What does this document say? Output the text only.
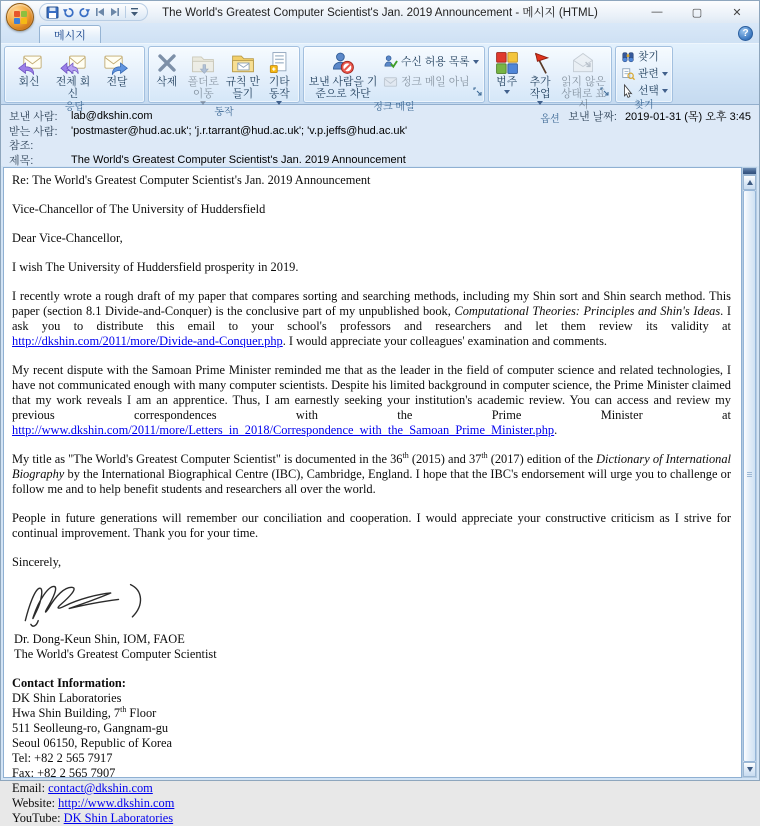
The World's Greatest Computer Scientist's Jan. 2019 Announcement - 메시지 (HTML)	—	▢	✕
메시지	?
회신	전체 회신
전달
응답
삭제 폴더로 이동
규칙 만들기
기타 동작
동작
보낸 사람을 기준으로 차단
수신 허용 목록
정크 메일 아님
정크 메일
범주	추가 작업
읽지 않은 상태로 표시
옵션
찾기
관련
선택
찾기
보낸 사람:	lab@dkshin.com	보낸 날짜: 2019-01-31 (목) 오후 3:45
받는 사람:	'postmaster@hud.ac.uk'; 'j.r.tarrant@hud.ac.uk'; 'v.p.jeffs@hud.ac.uk'
참조:
제목:	The World's Greatest Computer Scientist's Jan. 2019 Announcement

Re: The World's Greatest Computer Scientist's Jan. 2019 Announcement

Vice-Chancellor of The University of Huddersfield

Dear Vice-Chancellor,

I wish The University of Huddersfield prosperity in 2019.

I recently wrote a rough draft of my paper that compares sorting and searching methods, including my Shin sort and Shin search method. This paper (section 8.1 Divide-and-Conquer) is the conclusive part of my unpublished book, Computational Theories: Principles and Shin's Ideas. I ask you to distribute this email to your school's professors and researchers and let them review its validity at http://dkshin.com/2011/more/Divide-and-Conquer.php. I would appreciate your colleagues' examination and comments.

My recent dispute with the Samoan Prime Minister reminded me that as the leader in the field of computer science and related technologies, I have not communicated enough with many computer scientists. Despite his limited background in computer science, the Prime Minister claimed that my work reveals I am an apprentice. Thus, I am earnestly seeking your institution's academic review. You can access and review my previous correspondences with the Prime Minister at http://www.dkshin.com/2011/more/Letters_in_2018/Correspondence_with_the_Samoan_Prime_Minister.php.

My title as "The World's Greatest Computer Scientist" is documented in the 36th (2015) and 37th (2017) edition of the Dictionary of International Biography by the International Biographical Centre (IBC), Cambridge, England. I hope that the IBC's endorsement will urge you to challenge or follow me and to help benefit students and researchers all over the world.

People in future generations will remember our conciliation and cooperation. I would appreciate your constructive criticism as I strive for continual improvement. Thank you for your time.

Sincerely,

Dr. Dong-Keun Shin, IOM, FAOE
The World's Greatest Computer Scientist
Contact Information:
DK Shin Laboratories
Hwa Shin Building, 7th Floor
511 Seolleung-ro, Gangnam-gu
Seoul 06150, Republic of Korea
Tel: +82 2 565 7917
Fax: +82 2 565 7907
Email: contact@dkshin.com
Website: http://www.dkshin.com
YouTube: DK Shin Laboratories
